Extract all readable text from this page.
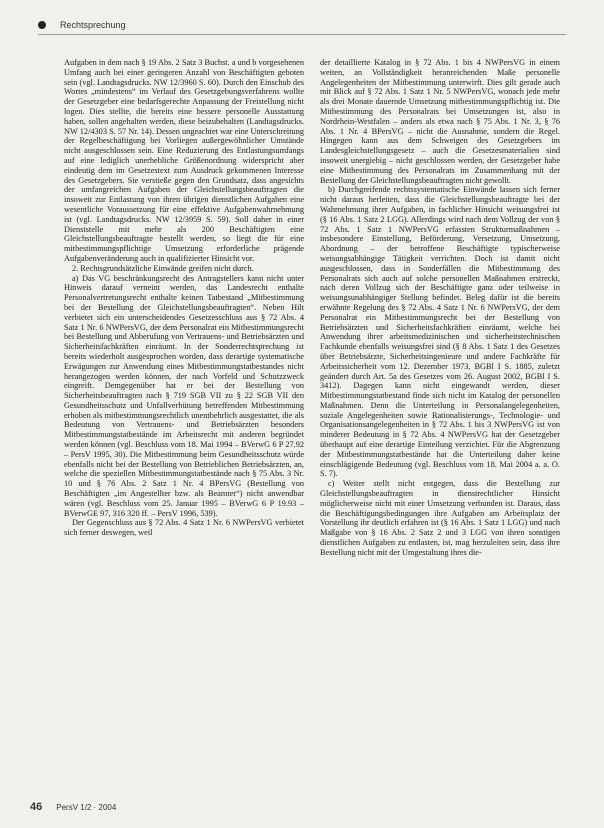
Rechtsprechung

Aufgaben in dem nach § 19 Abs. 2 Satz 3 Buchst. a und b vorgesehenen Umfang auch bei einer geringeren Anzahl von Beschäftigten geboten sein (vgl. Landtagsdrucks. NW 12/3960 S. 60). Durch den Einschub des Wortes „mindestens“ im Verlauf des Gesetzgebungsverfahrens wollte der Gesetzgeber eine bedarfsgerechte Anpassung der Freistellung nicht logen. Dies stellte, die bereits eine bessere personelle Ausstattung haben, sollen angehalten werden, diese beizubehalten (Landtagsdrucks. NW 12/4303 S. 57 Nr. 14). Dessen ungeachtet war eine Unterschreitung der Regelbeschäftigung bei Vorliegen außergewöhnlicher Umstände nicht ausgeschlossen sein. Eine Reduzierung des Entlastungsumfangs auf eine lediglich unerhebliche Größenordnung widerspricht aber eindeutig dem im Gesetzestext zum Ausdruck gekommenen Interesse des Gesetzgebers. Sie verstieße gegen den Grundsatz, dass angesichts der umfangreichen Aufgaben der Gleichstellungsbeauftragten die insoweit zur Entlastung von ihren übrigen dienstlichen Aufgaben eine wesentliche Voraussetzung für eine effektive Aufgabenwahrnehmung ist (vgl. Landtagsdrucks. NW 12/3959 S. 59). Soll daher in einer Dienststelle mit mehr als 200 Beschäftigten eine Gleichstellungsbeauftragte bestellt werden, so liegt die für eine mitbestimmungspflichtige Umsetzung erforderliche prägende Aufgabenveränderung auch in qualifizierter Hinsicht vor.

2. Rechtsgrundsätzliche Einwände greifen nicht durch.

a) Das VG beschränkungsrecht des Antragstellers kann nicht unter Hinweis darauf verneint werden, das Landesrecht enthalte Personalvertretungsrecht enthalte keinen Tatbestand „Mitbestimmung bei der Bestellung der Gleichstellungsbeauftragten“. Neben Hilt verbietet sich ein unterscheidendes Gesetzesschluss aus § 72 Abs. 4 Satz 1 Nr. 6 NWPersVG, der dem Personalrat ein Mitbestimmungsrecht bei Bestellung und Abberufung von Vertrauens- und Betriebsärzten und Sicherheitsfachkräften einräumt. In der Sonderrechtsprechung ist bereits wiederholt ausgesprochen worden, dass derartige systematische Erwägungen zur Anwendung eines Mitbestimmungstatbestandes nicht herangezogen werden können, der nach Vorfeld und Schutzzweck eingreift. Demgegenüber hat er bei der Bestellung von Sicherheitsbeauftragten nach § 719 SGB VII zu § 22 SGB VII den Gesundheitsschutz und Unfallverhütung betreffenden Mitbestimmung erhoben als mitbestimmungsrechtlich unentbehrlich ausgestattet, die als Bedeutung von Vertrauens- und Betriebsärzten besonders Mitbestimmungstatbestände im Arbeitsrecht mit anderen begründet werden können (vgl. Beschluss vom 18. Mai 1994 – BVerwG 6 P 27.92 – PersV 1995, 30). Die Mitbestimmung beim Gesundheitsschutz würde ebenfalls nicht bei der Bestellung von Betrieblichen Betriebsärzten, an, welche die speziellen Mitbestimmungstatbestände nach § 75 Abs. 3 Nr. 10 und § 76 Abs. 2 Satz 1 Nr. 4 BPersVG (Bestellung von Beschäftigten „im Angestellter bzw. als Beamter“) nicht anwendbar wären (vgl. Beschluss vom 25. Januar 1995 – BVerwG 6 P 19.93 – BVerwGE 97, 316 320 ff. – PersV 1996, 539).

Der Gegenschluss aus § 72 Abs. 4 Satz 1 Nr. 6 NWPersVG verbietet sich ferner deswegen, weil

der detaillierte Katalog in § 72 Abs. 1 bis 4 NWPersVG in einem weiten, an Vollständigkeit heranreichenden Maße personelle Angelegenheiten der Mitbestimmung unterwirft. Dies gilt gerade auch mit Blick auf § 72 Abs. 1 Satz 1 Nr. 5 NWPersVG, wonach jede mehr als drei Monate dauernde Umsetzung mitbestimmungspflichtig ist. Die Mitbestimmung des Personalrats bei Umsetzungen ist, also in Nordrhein-Westfalen – anders als etwa nach § 75 Abs. 1 Nr. 3, § 76 Abs. 1 Nr. 4 BPersVG – nicht die Ausnahme, sondern die Regel. Hingegen kann aus dem Schweigen des Gesetzgebers im Landesgleichstellungsgesetz – auch die Gesetzesmaterialien sind insoweit unergiebig – nicht geschlossen werden, der Gesetzgeber habe eine Mitbestimmung des Personalrats im Zusammenhang mit der Bestellung der Gleichstellungsbeauftragten nicht gewollt.

b) Durchgreifende rechtssystematische Einwände lassen sich ferner nicht daraus herleiten, dass die Gleichstellungsbeauftragte bei der Wahrnehmung ihrer Aufgaben, in fachlicher Hinsicht weisungsfrei ist (§ 16 Abs. 1 Satz 2 LGG). Allerdings wird nach dem Vollzug der von § 72 Abs. 1 Satz 1 NWPersVG erfassten Strukturmaßnahmen – insbesondere Einstellung, Beförderung, Versetzung, Umsetzung, Abordnung – der betroffene Beschäftigte typischerweise weisungsabhängige Tätigkeit verrichten. Doch ist damit nicht ausgeschlossen, dass in Sonderfällen die Mitbestimmung des Personalrats sich auch auf solche personellen Maßnahmen erstreckt, nach deren Vollzug sich der Beschäftigte ganz oder teilweise in weisungsunabhängiger Stellung befindet. Beleg dafür ist die bereits erwähnte Regelung des § 72 Abs. 4 Satz 1 Nr. 6 NWPersVG, der dem Personalrat ein Mitbestimmungsrecht bei der Bestellung von Betriebsärzten und Sicherheitsfachkräften einräumt, welche bei Anwendung ihrer arbeitsmedizinischen und sicherheitstechnischen Fachkunde ebenfalls weisungsfrei sind (§ 8 Abs. 1 Satz 1 des Gesetzes über Betriebsärzte, Sicherheitsingenieure und andere Fachkräfte für Arbeitssicherheit vom 12. Dezember 1973, BGBl I S. 1885, zuletzt geändert durch Art. 5a des Gesetzes vom 26. August 2002, BGBl I S. 3412). Dagegen kann nicht eingewandt werden, dieser Mitbestimmungstatbestand finde sich nicht im Katalog der personellen Maßnahmen. Denn die Unterteilung in Personalangelegenheiten, soziale Angelegenheiten sowie Rationalisierungs-, Technologie- und Organisationsangelegenheiten in § 72 Abs. 1 bis 3 NWPersVG ist von minderer Bedeutung in § 72 Abs. 4 NWPersVG hat der Gesetzgeber überhaupt auf eine derartige Einteilung verzichtet. Für die Abgrenzung der Mitbestimmungstatbestände hat die Unterteilung daher keine einschlägigende Bedeutung (vgl. Beschluss vom 18. Mai 2004 a. a. O. S. 7).

c) Weiter stellt nicht entgegen, dass die Bestellung zur Gleichstellungsbeauftragten in dienstrechtlicher Hinsicht möglicherweise nicht mit einer Umsetzung verbunden ist. Daraus, dass die Beschäftigungsbedingungen ihre Aufgaben am Arbeitsplatz der Vorstellung ihr deutlich erfahren ist (§ 16 Abs. 1 Satz 1 LGG) und nach Maßgabe von § 16 Abs. 2 Satz 2 und 3 LGG von ihren sonstigen dienstlichen Aufgaben zu entlasten, ist, mag herzuleiten sein, dass ihre Bestellung nicht mit der Umgestaltung ihres die-

46 PersV 1/2 · 2004
